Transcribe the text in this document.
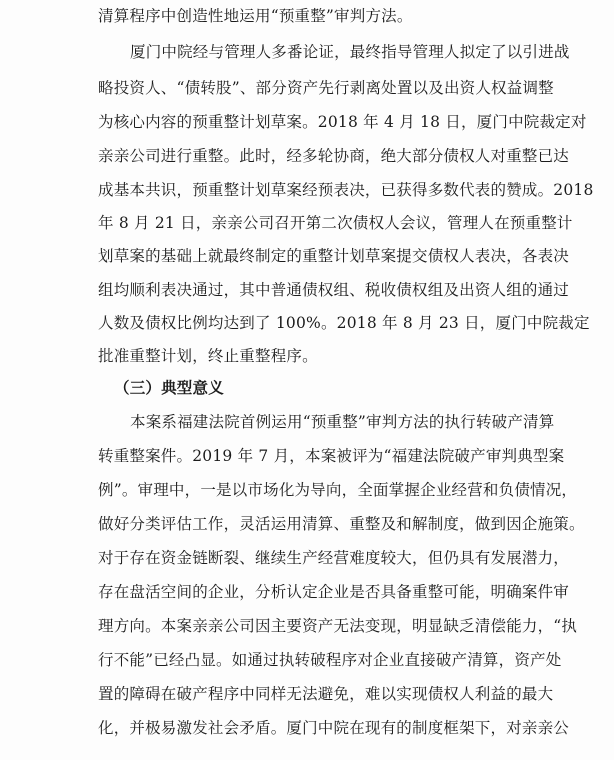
清算程序中创造性地运用“预重整”审判方法。
厦门中院经与管理人多番论证，最终指导管理人拟定了以引进战
略投资人、“债转股”、部分资产先行剥离处置以及出资人权益调整
为核心内容的预重整计划草案。2018 年 4 月 18 日，厦门中院裁定对
亲亲公司进行重整。此时，经多轮协商，绝大部分债权人对重整已达
成基本共识，预重整计划草案经预表决，已获得多数代表的赞成。2018
年 8 月 21 日，亲亲公司召开第二次债权人会议，管理人在预重整计
划草案的基础上就最终制定的重整计划草案提交债权人表决，各表决
组均顺利表决通过，其中普通债权组、税收债权组及出资人组的通过
人数及债权比例均达到了 100%。2018 年 8 月 23 日，厦门中院裁定
批准重整计划，终止重整程序。
（三）典型意义
本案系福建法院首例运用“预重整”审判方法的执行转破产清算
转重整案件。2019 年 7 月，本案被评为“福建法院破产审判典型案
例”。审理中，一是以市场化为导向，全面掌握企业经营和负债情况，
做好分类评估工作，灵活运用清算、重整及和解制度，做到因企施策。
对于存在资金链断裂、继续生产经营难度较大，但仍具有发展潜力，
存在盘活空间的企业，分析认定企业是否具备重整可能，明确案件审
理方向。本案亲亲公司因主要资产无法变现，明显缺乏清偿能力，“执
行不能”已经凸显。如通过执转破程序对企业直接破产清算，资产处
置的障碍在破产程序中同样无法避免，难以实现债权人利益的最大
化，并极易激发社会矛盾。厦门中院在现有的制度框架下，对亲亲公
